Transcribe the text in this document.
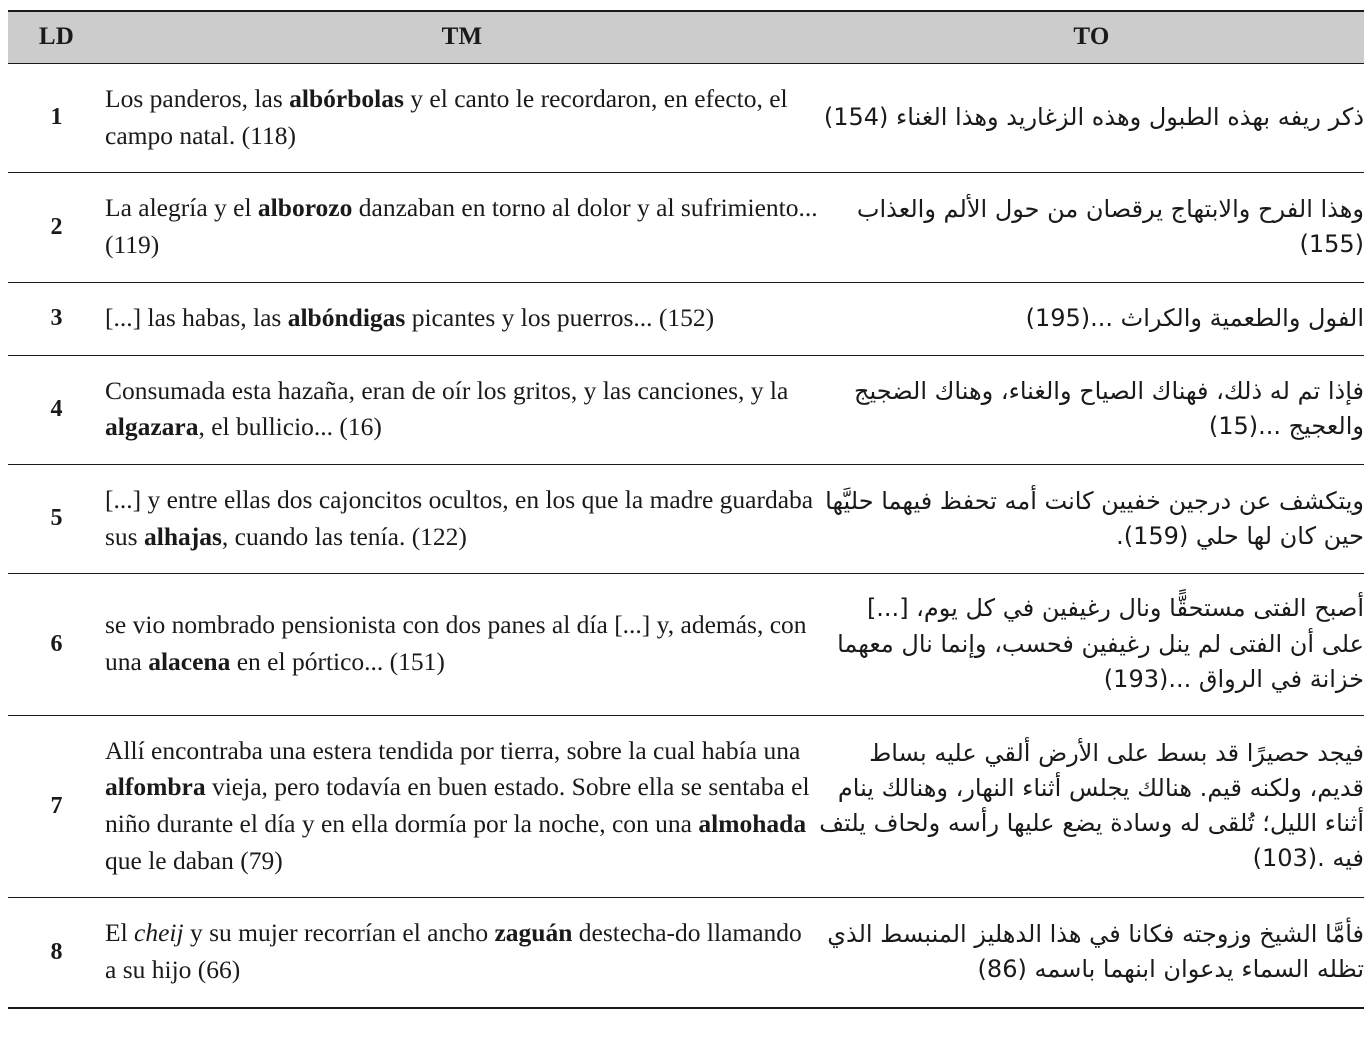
LD	TM	TO
1	Los panderos, las albórbolas y el canto le recordaron, en efecto, el campo natal. (118)	ذكر ريفه بهذه الطبول وهذه الزغاريد وهذا الغناء (154)
2	La alegría y el alborozo danzaban en torno al dolor y al sufrimiento... (119)	وهذا الفرح والابتهاج يرقصان من حول الألم والعذاب (155)
3	[...] las habas, las albóndigas picantes y los puerros... (152)	الفول والطعمية والكراث ...(195)
4	Consumada esta hazaña, eran de oír los gritos, y las canciones, y la algazara, el bullicio... (16)	فإذا تم له ذلك، فهناك الصياح والغناء، وهناك الضجيج والعجيج ...(15)
5	[...] y entre ellas dos cajoncitos ocultos, en los que la madre guardaba sus alhajas, cuando las tenía. (122)	ويتكشف عن درجين خفيين كانت أمه تحفظ فيهما حليَّها حين كان لها حلي (159).
6	se vio nombrado pensionista con dos panes al día [...] y, además, con una alacena en el pórtico... (151)	أصبح الفتى مستحقًّا ونال رغيفين في كل يوم، [...] على أن الفتى لم ينل رغيفين فحسب، وإنما نال معهما خزانة في الرواق ...(193)
7	Allí encontraba una estera tendida por tierra, sobre la cual había una alfombra vieja, pero todavía en buen estado. Sobre ella se sentaba el niño durante el día y en ella dormía por la noche, con una almohada que le daban (79)	فيجد حصيرًا قد بسط على الأرض ألقي عليه بساط قديم، ولكنه قيم. هنالك يجلس أثناء النهار، وهنالك ينام أثناء الليل؛ تُلقى له وسادة يضع عليها رأسه ولحاف يلتف فيه .(103)
8	El cheij y su mujer recorrían el ancho zaguán destecha-do llamando a su hijo (66)	فأمَّا الشيخ وزوجته فكانا في هذا الدهليز المنبسط الذي تظله السماء يدعوان ابنهما باسمه (86)
